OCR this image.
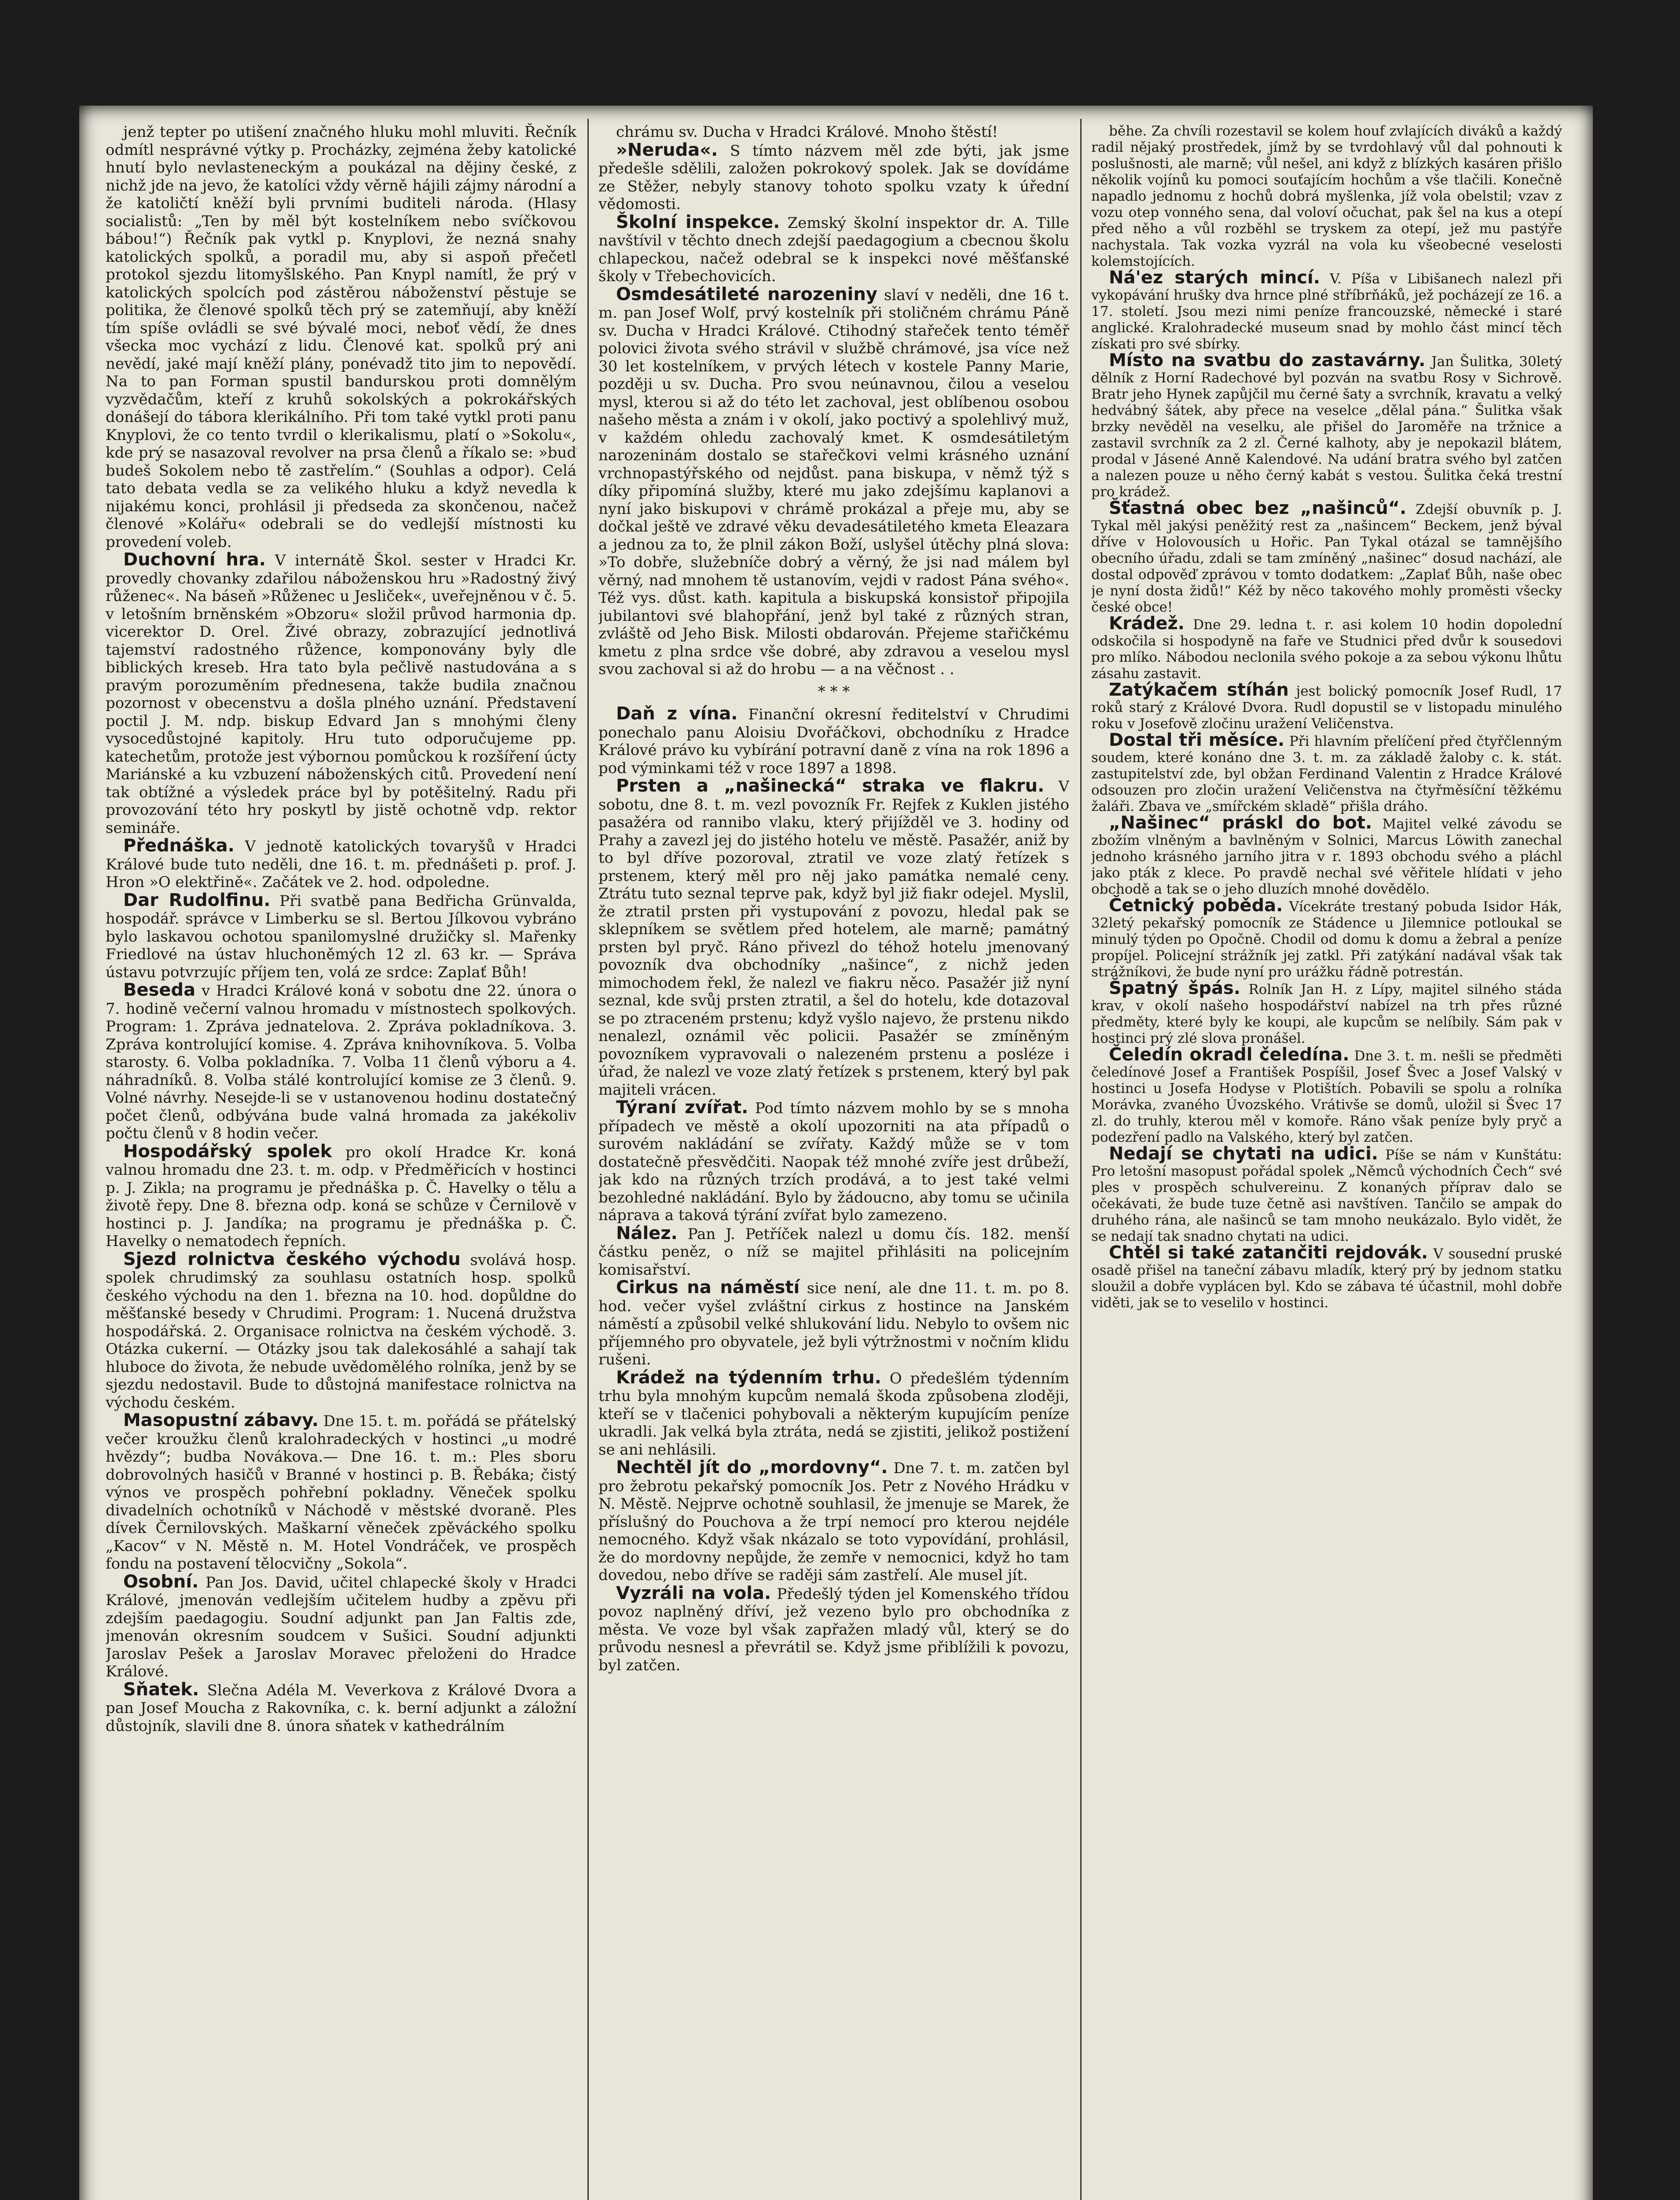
jenž tepter po utišení značného hluku mohl mluviti. Řečník odmítl nesprávné výtky p. Procházky, zejména žeby katolické hnutí bylo nevlasteneckým a poukázal na dějiny české, z nichž jde na jevo, že katolíci vždy věrně hájili zájmy národní a že katoličtí kněží byli prvními buditeli národa. (Hlasy socialistů: „Ten by měl být kostelníkem nebo svíčkovou bábou!“) Řečník pak vytkl p. Knyplovi, že nezná snahy katolických spolků, a poradil mu, aby si aspoň přečetl protokol sjezdu litomyšlského. Pan Knypl namítl, že prý v katolických spolcích pod zástěrou náboženství pěstuje se politika, že členové spolků těch prý se zatemňují, aby kněží tím spíše ovládli se své bývalé moci, neboť vědí, že dnes všecka moc vychází z lidu. Členové kat. spolků prý ani nevědí, jaké mají kněží plány, ponévadž tito jim to nepovědí. Na to pan Forman spustil bandurskou proti domnělým vyzvědačům, kteří z kruhů sokolských a pokrokářských donášejí do tábora klerikálního. Při tom také vytkl proti panu Knyplovi, že co tento tvrdil o klerikalismu, platí o »Sokolu«, kde prý se nasazoval revolver na prsa členů a říkalo se: »buď budeš Sokolem nebo tě zastřelím.“ (Souhlas a odpor). Celá tato debata vedla se za velikého hluku a když nevedla k nijakému konci, prohlásil ji předseda za skončenou, načež členové »Kolářu« odebrali se do vedlejší místnosti ku provedení voleb.

Duchovní hra. V internátě Škol. sester v Hradci Kr. provedly chovanky zdařilou náboženskou hru »Radostný živý růženec«. Na báseň »Růženec u Jesliček«, uveřejněnou v č. 5. v letošním brněnském »Obzoru« složil průvod harmonia dp. vicerektor D. Orel. Živé obrazy, zobrazující jednotlivá tajemství radostného růžence, komponovány byly dle biblických kreseb. Hra tato byla pečlivě nastudována a s pravým porozuměním přednesena, takže budila značnou pozornost v obecenstvu a došla plného uznání. Představení poctil J. M. ndp. biskup Edvard Jan s mnohými členy vysocedůstojné kapitoly. Hru tuto odporučujeme pp. katechetům, protože jest výbornou pomůckou k rozšíření úcty Mariánské a ku vzbuzení náboženských citů. Provedení není tak obtížné a výsledek práce byl by potěšitelný. Radu při provozování této hry poskytl by jistě ochotně vdp. rektor semináře.

Přednáška. V jednotě katolických tovaryšů v Hradci Králové bude tuto neděli, dne 16. t. m. přednášeti p. prof. J. Hron »O elektřině«. Začátek ve 2. hod. odpoledne.

Dar Rudolfinu. Při svatbě pana Bedřicha Grünvalda, hospodář. správce v Limberku se sl. Bertou Jílkovou vybráno bylo laskavou ochotou spanilomyslné družičky sl. Mařenky Friedlové na ústav hluchoněmých 12 zl. 63 kr. — Správa ústavu potvrzujíc příjem ten, volá ze srdce: Zaplať Bůh!

Beseda v Hradci Králové koná v sobotu dne 22. února o 7. hodině večerní valnou hromadu v místnostech spolkových. Program: 1. Zpráva jednatelova. 2. Zpráva pokladníkova. 3. Zpráva kontrolující komise. 4. Zpráva knihovníkova. 5. Volba starosty. 6. Volba pokladníka. 7. Volba 11 členů výboru a 4. náhradníků. 8. Volba stálé kontrolující komise ze 3 členů. 9. Volné návrhy. Nesejde-li se v ustanovenou hodinu dostatečný počet členů, odbývána bude valná hromada za jakékoliv počtu členů v 8 hodin večer.

Hospodářský spolek pro okolí Hradce Kr. koná valnou hromadu dne 23. t. m. odp. v Předměřicích v hostinci p. J. Zikla; na programu je přednáška p. Č. Havelky o tělu a životě řepy. Dne 8. března odp. koná se schůze v Černilově v hostinci p. J. Jandíka; na programu je přednáška p. Č. Havelky o nematodech řepních.

Sjezd rolnictva českého východu svolává hosp. spolek chrudimský za souhlasu ostatních hosp. spolků českého východu na den 1. března na 10. hod. dopůldne do měšťanské besedy v Chrudimi. Program: 1. Nucená družstva hospodářská. 2. Organisace rolnictva na českém východě. 3. Otázka cukerní. — Otázky jsou tak dalekosáhlé a sahají tak hluboce do života, že nebude uvědomělého rolníka, jenž by se sjezdu nedostavil. Bude to důstojná manifestace rolnictva na východu českém.

Masopustní zábavy. Dne 15. t. m. pořádá se přátelský večer kroužku členů kralohradeckých v hostinci „u modré hvězdy“; budba Novákova.— Dne 16. t. m.: Ples sboru dobrovolných hasičů v Branné v hostinci p. B. Řebáka; čistý výnos ve prospěch pohřební pokladny. Věneček spolku divadelních ochotníků v Náchodě v městské dvoraně. Ples dívek Černilovských. Maškarní věneček zpěváckého spolku „Kacov“ v N. Městě n. M. Hotel Vondráček, ve prospěch fondu na postavení tělocvičny „Sokola“.

Osobní. Pan Jos. David, učitel chlapecké školy v Hradci Králové, jmenován vedlejším učitelem hudby a zpěvu při zdejším paedagogiu. Soudní adjunkt pan Jan Faltis zde, jmenován okresním soudcem v Sušici. Soudní adjunkti Jaroslav Pešek a Jaroslav Moravec přeloženi do Hradce Králové.

Sňatek. Slečna Adéla M. Veverkova z Králové Dvora a pan Josef Moucha z Rakovníka, c. k. berní adjunkt a záložní důstojník, slavili dne 8. února sňatek v kathedrálním

chrámu sv. Ducha v Hradci Králové. Mnoho štěstí!

»Neruda«. S tímto názvem měl zde býti, jak jsme předešle sdělili, založen pokrokový spolek. Jak se dovídáme ze Stěžer, nebyly stanovy tohoto spolku vzaty k úřední vědomosti.

Školní inspekce. Zemský školní inspektor dr. A. Tille navštívil v těchto dnech zdejší paedagogium a cbecnou školu chlapeckou, načež odebral se k inspekci nové měšťanské školy v Třebechovicích.

Osmdesátileté narozeniny slaví v neděli, dne 16 t. m. pan Josef Wolf, prvý kostelník při stoličném chrámu Páně sv. Ducha v Hradci Králové. Ctihodný stařeček tento téměř polovici života svého strávil v službě chrámové, jsa více než 30 let kostelníkem, v prvých létech v kostele Panny Marie, později u sv. Ducha. Pro svou neúnavnou, čilou a veselou mysl, kterou si až do této let zachoval, jest oblíbenou osobou našeho města a znám i v okolí, jako poctivý a spolehlivý muž, v každém ohledu zachovalý kmet. K osmdesátiletým narozeninám dostalo se stařečkovi velmi krásného uznání vrchnopastýřského od nejdůst. pana biskupa, v němž týž s díky připomíná služby, které mu jako zdejšímu kaplanovi a nyní jako biskupovi v chrámě prokázal a přeje mu, aby se dočkal ještě ve zdravé věku devadesátiletého kmeta Eleazara a jednou za to, že plnil zákon Boží, uslyšel útěchy plná slova: »To dobře, služebníče dobrý a věrný, že jsi nad málem byl věrný, nad mnohem tě ustanovím, vejdi v radost Pána svého«. Též vys. důst. kath. kapitula a biskupská konsistoř připojila jubilantovi své blahopřání, jenž byl také z různých stran, zvláště od Jeho Bisk. Milosti obdarován. Přejeme stařičkému kmetu z plna srdce vše dobré, aby zdravou a veselou mysl svou zachoval si až do hrobu — a na věčnost . .

* * *

Daň z vína. Finanční okresní ředitelství v Chrudimi ponechalo panu Aloisiu Dvořáčkovi, obchodníku z Hradce Králové právo ku vybírání potravní daně z vína na rok 1896 a pod výminkami též v roce 1897 a 1898.

Prsten a „našinecká“ straka ve flakru. V sobotu, dne 8. t. m. vezl povozník Fr. Rejfek z Kuklen jistého pasažéra od rannibo vlaku, který přijížděl ve 3. hodiny od Prahy a zavezl jej do jistého hotelu ve městě. Pasažér, aniž by to byl dříve pozoroval, ztratil ve voze zlatý řetízek s prstenem, který měl pro něj jako památka nemalé ceny. Ztrátu tuto seznal teprve pak, když byl již fiakr odejel. Myslil, že ztratil prsten při vystupování z povozu, hledal pak se sklepníkem se světlem před hotelem, ale marně; památný prsten byl pryč. Ráno přivezl do téhož hotelu jmenovaný povozník dva obchodníky „našince“, z nichž jeden mimochodem řekl, že nalezl ve fiakru něco. Pasažér již nyní seznal, kde svůj prsten ztratil, a šel do hotelu, kde dotazoval se po ztraceném prstenu; když vyšlo najevo, že prstenu nikdo nenalezl, oznámil věc policii. Pasažér se zmíněným povozníkem vypravovali o nalezeném prstenu a posléze i úřad, že nalezl ve voze zlatý řetízek s prstenem, který byl pak majiteli vrácen.

Týraní zvířat. Pod tímto názvem mohlo by se s mnoha případech ve městě a okolí upozorniti na ata případů o surovém nakládání se zvířaty. Každý může se v tom dostatečně přesvědčiti. Naopak též mnohé zvíře jest drůbeží, jak kdo na různých trzích prodává, a to jest také velmi bezohledné nakládání. Bylo by žádoucno, aby tomu se učinila náprava a taková týrání zvířat bylo zamezeno.

Nález. Pan J. Petříček nalezl u domu čís. 182. menší částku peněz, o níž se majitel přihlásiti na policejním komisařství.

Cirkus na náměstí sice není, ale dne 11. t. m. po 8. hod. večer vyšel zvláštní cirkus z hostince na Janském náměstí a způsobil velké shlukování lidu. Nebylo to ovšem nic příjemného pro obyvatele, jež byli výtržnostmi v nočním klidu rušeni.

Krádež na týdenním trhu. O předešlém týdenním trhu byla mnohým kupcům nemalá škoda způsobena zloději, kteří se v tlačenici pohybovali a některým kupujícím peníze ukradli. Jak velká byla ztráta, nedá se zjistiti, jelikož postižení se ani nehlásili.

Nechtěl jít do „mordovny“. Dne 7. t. m. zatčen byl pro žebrotu pekařský pomocník Jos. Petr z Nového Hrádku v N. Městě. Nejprve ochotně souhlasil, že jmenuje se Marek, že příslušný do Pouchova a že trpí nemocí pro kterou nejdéle nemocného. Když však nkázalo se toto vypovídání, prohlásil, že do mordovny nepůjde, že zemře v nemocnici, když ho tam dovedou, nebo dříve se raději sám zastřelí. Ale musel jít.

Vyzráli na vola. Předešlý týden jel Komenského třídou povoz naplněný dříví, jež vezeno bylo pro obchodníka z města. Ve voze byl však zapřažen mladý vůl, který se do průvodu nesnesl a převrátil se. Když jsme přiblížili k povozu, byl zatčen.

běhe. Za chvíli rozestavil se kolem houf zvlajících diváků a každý radil nějaký prostředek, jímž by se tvrdohlavý vůl dal pohnouti k poslušnosti, ale marně; vůl nešel, ani když z blízkých kasáren přišlo několik vojínů ku pomoci souťajícím hochům a vše tlačili. Konečně napadlo jednomu z hochů dobrá myšlenka, jíž vola obelstil; vzav z vozu otep vonného sena, dal voloví očuchat, pak šel na kus a otepí před něho a vůl rozběhl se tryskem za otepí, jež mu pastýře nachystala. Tak vozka vyzrál na vola ku všeobecné veselosti kolemstojících.

Ná'ez starých mincí. V. Píša v Libišanech nalezl při vykopávání hrušky dva hrnce plné stříbrňáků, jež pocházejí ze 16. a 17. století. Jsou mezi nimi peníze francouzské, německé i staré anglické. Kralohradecké museum snad by mohlo část mincí těch získati pro své sbírky.

Místo na svatbu do zastavárny. Jan Šulitka, 30letý dělník z Horní Radechové byl pozván na svatbu Rosy v Sichrově. Bratr jeho Hynek zapůjčil mu černé šaty a svrchník, kravatu a velký hedvábný šátek, aby přece na veselce „dělal pána.“ Šulitka však brzky nevěděl na veselku, ale přišel do Jaroměře na tržnice a zastavil svrchník za 2 zl. Černé kalhoty, aby je nepokazil blátem, prodal v Jásené Anně Kalendové. Na udání bratra svého byl zatčen a nalezen pouze u něho černý kabát s vestou. Šulitka čeká trestní pro krádež.

Šťastná obec bez „našinců“. Zdejší obuvník p. J. Tykal měl jakýsi peněžitý rest za „našincem“ Beckem, jenž býval dříve v Holovousích u Hořic. Pan Tykal otázal se tamnějšího obecního úřadu, zdali se tam zmíněný „našinec“ dosud nachází, ale dostal odpověď zprávou v tomto dodatkem: „Zaplať Bůh, naše obec je nyní dosta židů!“ Kéž by něco takového mohly proměsti všecky české obce!

Krádež. Dne 29. ledna t. r. asi kolem 10 hodin dopolední odskočila si hospodyně na faře ve Studnici před dvůr k sousedovi pro mlíko. Nábodou neclonila svého pokoje a za sebou výkonu lhůtu zásahu zastavit.

Zatýkačem stíhán jest bolický pomocník Josef Rudl, 17 roků starý z Králové Dvora. Rudl dopustil se v listopadu minulého roku v Josefově zločinu uražení Veličenstva.

Dostal tři měsíce. Při hlavním přelíčení před čtyřčlenným soudem, které konáno dne 3. t. m. za základě žaloby c. k. stát. zastupitelství zde, byl obžan Ferdinand Valentin z Hradce Králové odsouzen pro zločin uražení Veličenstva na čtyřměsíční těžkému žaláři. Zbava ve „smířckém skladě“ přišla dráho.

„Našinec“ práskl do bot. Majitel velké závodu se zbožím vlněným a bavlněným v Solnici, Marcus Löwith zanechal jednoho krásného jarního jitra v r. 1893 obchodu svého a pláchl jako pták z klece. Po pravdě nechal své věřitele hlídati v jeho obchodě a tak se o jeho dluzích mnohé dovědělo.

Četnický poběda. Vícekráte trestaný pobuda Isidor Hák, 32letý pekařský pomocník ze Stádence u Jilemnice potloukal se minulý týden po Opočně. Chodil od domu k domu a žebral a peníze propíjel. Policejní strážník jej zatkl. Při zatýkání nadával však tak strážníkovi, že bude nyní pro urážku řádně potrestán.

Špatný špás. Rolník Jan H. z Lípy, majitel silného stáda krav, v okolí našeho hospodářství nabízel na trh přes různé předměty, které byly ke koupi, ale kupcům se nelíbily. Sám pak v hostinci prý zlé slova pronášel.

Čeledín okradl čeledína. Dne 3. t. m. nešli se předměti čeledínové Josef a František Pospíšil, Josef Švec a Josef Valský v hostinci u Josefa Hodyse v Plotištích. Pobavili se spolu a rolníka Morávka, zvaného Úvozského. Vrátivše se domů, uložil si Švec 17 zl. do truhly, kterou měl v komoře. Ráno však peníze byly pryč a podezření padlo na Valského, který byl zatčen.

Nedají se chytati na udici. Píše se nám v Kunštátu: Pro letošní masopust pořádal spolek „Němců východních Čech“ své ples v prospěch schulvereinu. Z konaných příprav dalo se očekávati, že bude tuze četně asi navštíven. Tančilo se ampak do druhého rána, ale našinců se tam mnoho neukázalo. Bylo vidět, že se nedají tak snadno chytati na udici.

Chtěl si také zatančiti rejdovák. V sousední pruské osadě přišel na taneční zábavu mladík, který prý by jednom statku sloužil a dobře vyplácen byl. Kdo se zábava té účastnil, mohl dobře viděti, jak se to veselilo v hostinci.
